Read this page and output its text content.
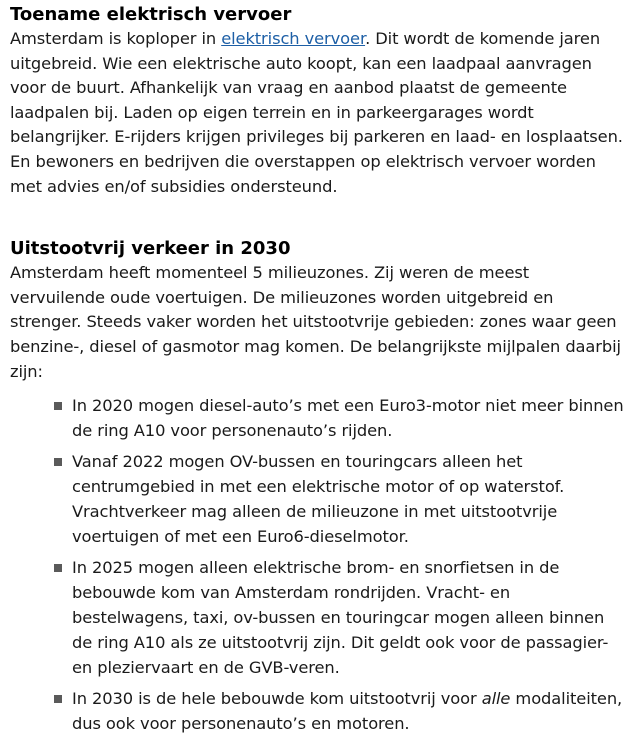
Toename elektrisch vervoer

Amsterdam is koploper in elektrisch vervoer. Dit wordt de komende jaren uitgebreid. Wie een elektrische auto koopt, kan een laadpaal aanvragen voor de buurt. Afhankelijk van vraag en aanbod plaatst de gemeente laadpalen bij. Laden op eigen terrein en in parkeergarages wordt belangrijker. E-rijders krijgen privileges bij parkeren en laad- en losplaatsen. En bewoners en bedrijven die overstappen op elektrisch vervoer worden met advies en/of subsidies ondersteund.

Uitstootvrij verkeer in 2030

Amsterdam heeft momenteel 5 milieuzones. Zij weren de meest vervuilende oude voertuigen. De milieuzones worden uitgebreid en strenger. Steeds vaker worden het uitstootvrije gebieden: zones waar geen benzine-, diesel of gasmotor mag komen. De belangrijkste mijlpalen daarbij zijn:

In 2020 mogen diesel-auto’s met een Euro3-motor niet meer binnen de ring A10 voor personenauto’s rijden.
Vanaf 2022 mogen OV-bussen en touringcars alleen het centrumgebied in met een elektrische motor of op waterstof. Vrachtverkeer mag alleen de milieuzone in met uitstootvrije voertuigen of met een Euro6-dieselmotor.
In 2025 mogen alleen elektrische brom- en snorfietsen in de bebouwde kom van Amsterdam rondrijden. Vracht- en bestelwagens, taxi, ov-bussen en touringcar mogen alleen binnen de ring A10 als ze uitstootvrij zijn. Dit geldt ook voor de passagier- en pleziervaart en de GVB-veren.
In 2030 is de hele bebouwde kom uitstootvrij voor alle modaliteiten, dus ook voor personenauto’s en motoren.
